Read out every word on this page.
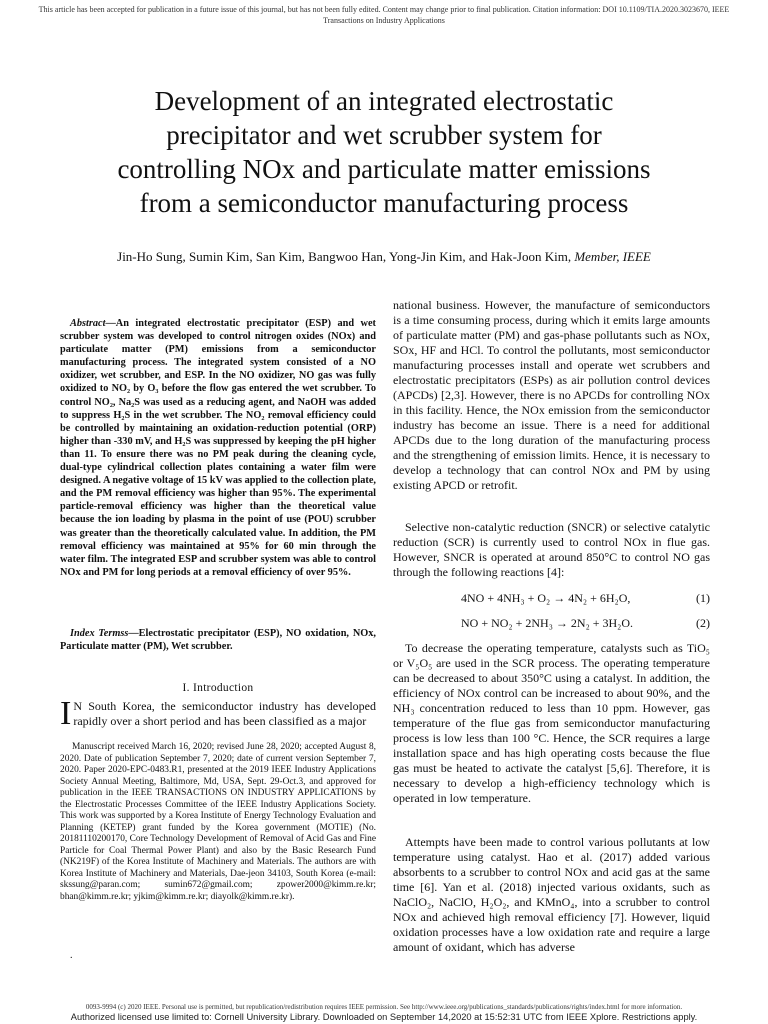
This article has been accepted for publication in a future issue of this journal, but has not been fully edited. Content may change prior to final publication. Citation information: DOI 10.1109/TIA.2020.3023670, IEEE
Transactions on Industry Applications
Development of an integrated electrostatic
precipitator and wet scrubber system for
controlling NOx and particulate matter emissions
from a semiconductor manufacturing process
Jin-Ho Sung, Sumin Kim, San Kim, Bangwoo Han, Yong-Jin Kim, and Hak-Joon Kim, Member, IEEE
Abstract—An integrated electrostatic precipitator (ESP) and wet scrubber system was developed to control nitrogen oxides (NOx) and particulate matter (PM) emissions from a semiconductor manufacturing process. The integrated system consisted of a NO oxidizer, wet scrubber, and ESP. In the NO oxidizer, NO gas was fully oxidized to NO₂ by O₃ before the flow gas entered the wet scrubber. To control NO₂, Na₂S was used as a reducing agent, and NaOH was added to suppress H₂S in the wet scrubber. The NO₂ removal efficiency could be controlled by maintaining an oxidation-reduction potential (ORP) higher than -330 mV, and H₂S was suppressed by keeping the pH higher than 11. To ensure there was no PM peak during the cleaning cycle, dual-type cylindrical collection plates containing a water film were designed. A negative voltage of 15 kV was applied to the collection plate, and the PM removal efficiency was higher than 95%. The experimental particle-removal efficiency was higher than the theoretical value because the ion loading by plasma in the point of use (POU) scrubber was greater than the theoretically calculated value. In addition, the PM removal efficiency was maintained at 95% for 60 min through the water film. The integrated ESP and scrubber system was able to control NOx and PM for long periods at a removal efficiency of over 95%.
Index Termss—Electrostatic precipitator (ESP), NO oxidation, NOx, Particulate matter (PM), Wet scrubber.
I. Introduction
I N South Korea, the semiconductor industry has developed rapidly over a short period and has been classified as a major
Manuscript received March 16, 2020; revised June 28, 2020; accepted August 8, 2020. Date of publication September 7, 2020; date of current version September 7, 2020. Paper 2020-EPC-0483.R1, presented at the 2019 IEEE Industry Applications Society Annual Meeting, Baltimore, Md, USA, Sept. 29-Oct.3, and approved for publication in the IEEE TRANSACTIONS ON INDUSTRY APPLICATIONS by the Electrostatic Processes Committee of the IEEE Industry Applications Society. This work was supported by a Korea Institute of Energy Technology Evaluation and Planning (KETEP) grant funded by the Korea government (MOTIE) (No. 20181110200170, Core Technology Development of Removal of Acid Gas and Fine Particle for Coal Thermal Power Plant) and also by the Basic Research Fund (NK219F) of the Korea Institute of Machinery and Materials. The authors are with Korea Institute of Machinery and Materials, Dae-jeon 34103, South Korea (e-mail: skssung@paran.com; sumin672@gmail.com; zpower2000@kimm.re.kr; bhan@kimm.re.kr; yjkim@kimm.re.kr; diayolk@kimm.re.kr).
.
national business. However, the manufacture of semiconductors is a time consuming process, during which it emits large amounts of particulate matter (PM) and gas-phase pollutants such as NOx, SOx, HF and HCl. To control the pollutants, most semiconductor manufacturing processes install and operate wet scrubbers and electrostatic precipitators (ESPs) as air pollution control devices (APCDs) [2,3]. However, there is no APCDs for controlling NOx in this facility. Hence, the NOx emission from the semiconductor industry has become an issue. There is a need for additional APCDs due to the long duration of the manufacturing process and the strengthening of emission limits. Hence, it is necessary to develop a technology that can control NOx and PM by using existing APCD or retrofit.
Selective non-catalytic reduction (SNCR) or selective catalytic reduction (SCR) is currently used to control NOx in flue gas. However, SNCR is operated at around 850°C to control NO gas through the following reactions [4]:
4NO + 4NH₃ + O₂ → 4N₂ + 6H₂O,	(1)
NO + NO₂ + 2NH₃ → 2N₂ + 3H₂O.	(2)
To decrease the operating temperature, catalysts such as TiO₅ or V₅O₅ are used in the SCR process. The operating temperature can be decreased to about 350°C using a catalyst. In addition, the efficiency of NOx control can be increased to about 90%, and the NH₃ concentration reduced to less than 10 ppm. However, gas temperature of the flue gas from semiconductor manufacturing process is low less than 100 °C. Hence, the SCR requires a large installation space and has high operating costs because the flue gas must be heated to activate the catalyst [5,6]. Therefore, it is necessary to develop a high-efficiency technology which is operated in low temperature.
Attempts have been made to control various pollutants at low temperature using catalyst. Hao et al. (2017) added various absorbents to a scrubber to control NOx and acid gas at the same time [6]. Yan et al. (2018) injected various oxidants, such as NaClO₂, NaClO, H₂O₂, and KMnO₄, into a scrubber to control NOx and achieved high removal efficiency [7]. However, liquid oxidation processes have a low oxidation rate and require a large amount of oxidant, which has adverse
0093-9994 (c) 2020 IEEE. Personal use is permitted, but republication/redistribution requires IEEE permission. See http://www.ieee.org/publications_standards/publications/rights/index.html for more information.
Authorized licensed use limited to: Cornell University Library. Downloaded on September 14,2020 at 15:52:31 UTC from IEEE Xplore. Restrictions apply.
